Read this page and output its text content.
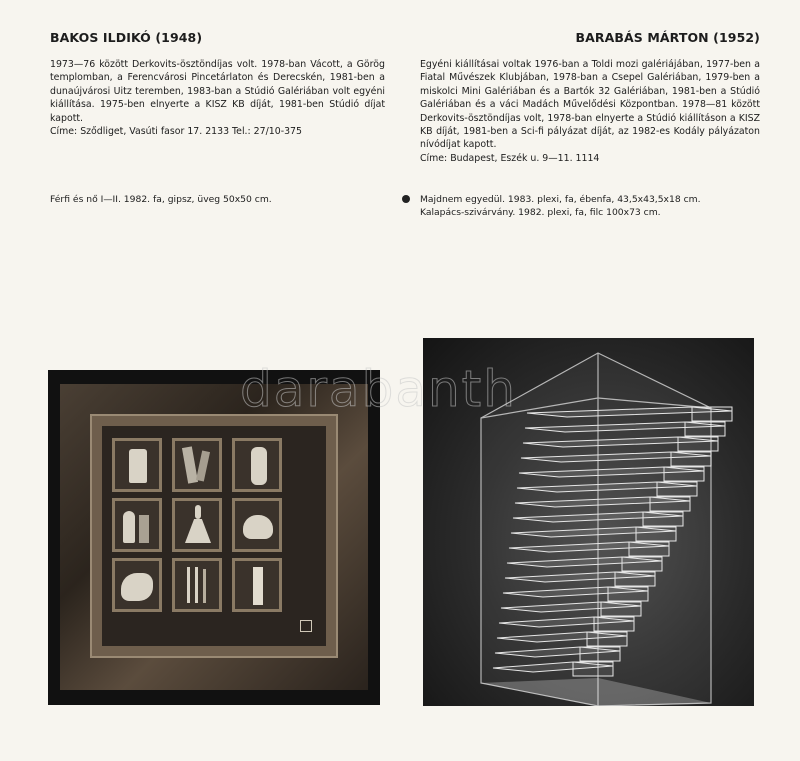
BAKOS ILDIKÓ (1948)

1973—76 között Derkovits-ösztöndíjas volt. 1978-ban Vácott, a Görög templomban, a Ferencvárosi Pincetárlaton és Derecskén, 1981-ben a dunaújvárosi Uitz teremben, 1983-ban a Stúdió Galériában volt egyéni kiállítása. 1975-ben elnyerte a KISZ KB díját, 1981-ben Stúdió díjat kapott.

Címe: Sződliget, Vasúti fasor 17. 2133 Tel.: 27/10-375

Férfi és nő I—II. 1982. fa, gipsz, üveg 50x50 cm.
BARABÁS MÁRTON (1952)

Egyéni kiállításai voltak 1976-ban a Toldi mozi galériájában, 1977-ben a Fiatal Művészek Klubjában, 1978-ban a Csepel Galériában, 1979-ben a miskolci Mini Galériában és a Bartók 32 Galériában, 1981-ben a Stúdió Galériában és a váci Madách Művelődési Központban. 1978—81 között Derkovits-ösztöndíjas volt, 1978-ban elnyerte a Stúdió kiállításon a KISZ KB díját, 1981-ben a Sci-fi pályázat díját, az 1982-es Kodály pályázaton nívódíjat kapott.

Címe: Budapest, Eszék u. 9—11. 1114

Majdnem egyedül. 1983. plexi, fa, ébenfa, 43,5x43,5x18 cm.
Kalapács-szivárvány. 1982. plexi, fa, filc 100x73 cm.
